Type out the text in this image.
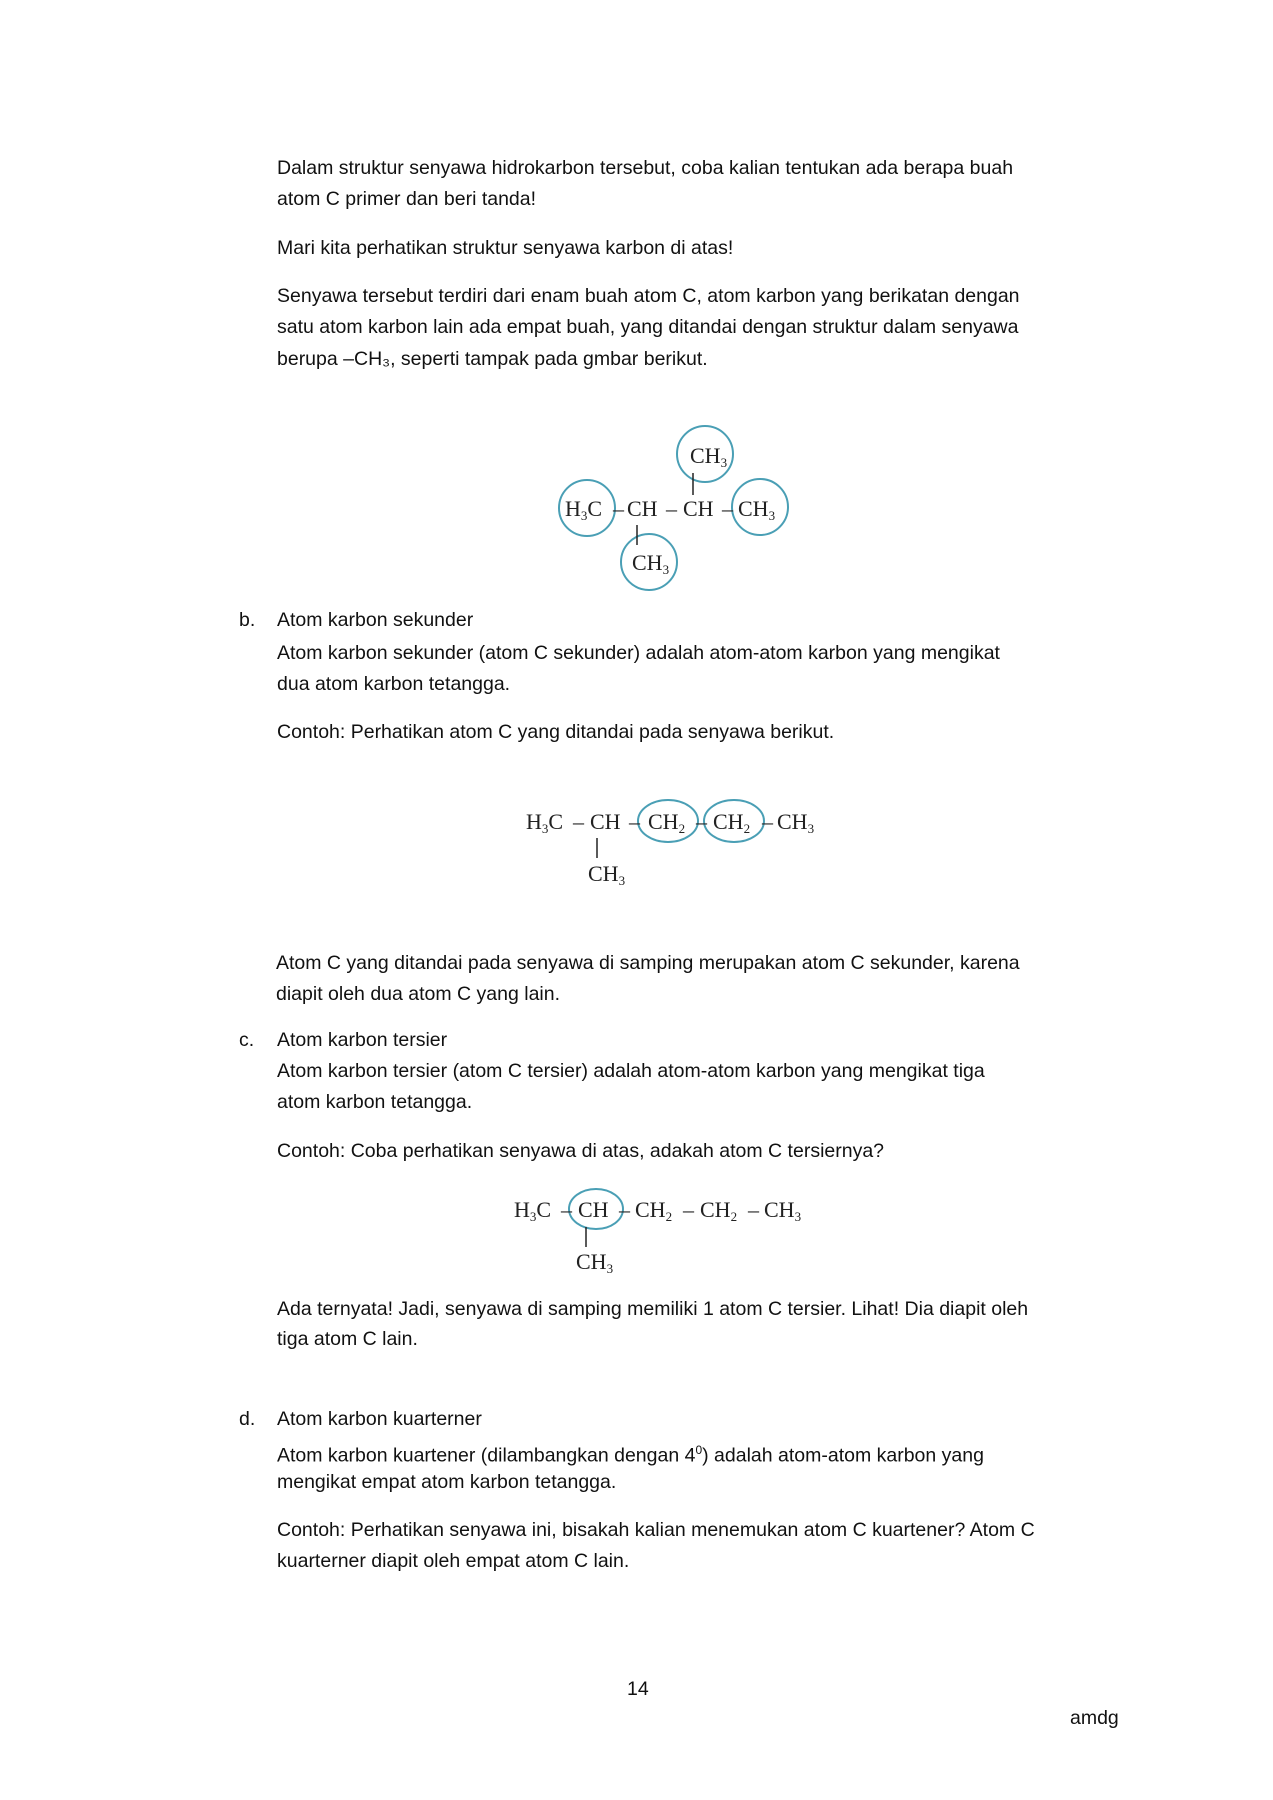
Dalam struktur senyawa hidrokarbon tersebut, coba kalian tentukan ada berapa buah
atom C primer dan beri tanda!
Mari kita perhatikan struktur senyawa karbon di atas!
Senyawa tersebut terdiri dari enam buah atom C, atom karbon yang berikatan dengan
satu atom karbon lain ada empat buah, yang ditandai dengan struktur dalam senyawa
berupa –CH₃, seperti tampak pada gmbar berikut.
b. Atom karbon sekunder
Atom karbon sekunder (atom C sekunder) adalah atom-atom karbon yang mengikat
dua atom karbon tetangga.
Contoh: Perhatikan atom C yang ditandai pada senyawa berikut.
Atom C yang ditandai pada senyawa di samping merupakan atom C sekunder, karena
diapit oleh dua atom C yang lain.
c. Atom karbon tersier
Atom karbon tersier (atom C tersier) adalah atom-atom karbon yang mengikat tiga
atom karbon tetangga.
Contoh: Coba perhatikan senyawa di atas, adakah atom C tersiernya?
Ada ternyata! Jadi, senyawa di samping memiliki 1 atom C tersier. Lihat! Dia diapit oleh
tiga atom C lain.
d. Atom karbon kuarterner
Atom karbon kuartener (dilambangkan dengan $4^0$) adalah atom-atom karbon yang
mengikat empat atom karbon tetangga.
Contoh: Perhatikan senyawa ini, bisakah kalian menemukan atom C kuartener? Atom C
kuarterner diapit oleh empat atom C lain.
14
amdg
H3C – CH – CH – CH3
CH3
CH3
H3C – CH – CH2 – CH2 – CH3
CH3
H3C – CH – CH2 – CH2 – CH3
CH3
